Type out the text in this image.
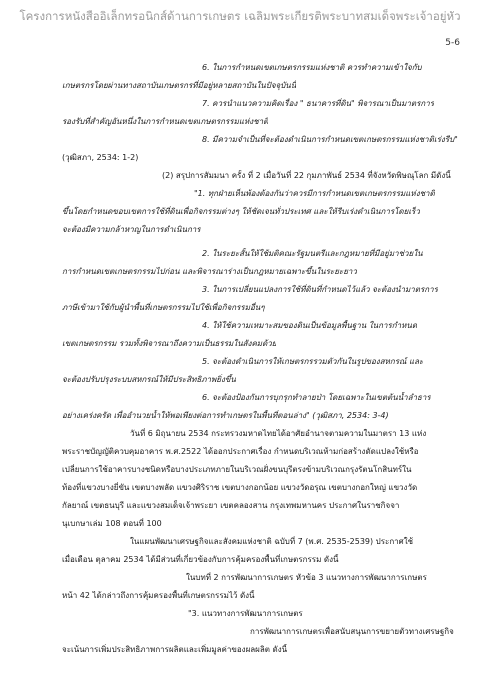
โครงการหนังสืออิเล็กทรอนิกส์ด้านการเกษตร เฉลิมพระเกียรติพระบาทสมเด็จพระเจ้าอยู่หัว
5-6
6. ในการกำหนดเขตเกษตรกรรมแห่งชาติ ควรทำความเข้าใจกับ
เกษตรกรโดยผ่านทางสถาบันเกษตรกรที่มีอยู่หลายสถาบันในปัจจุบันนี้
7. ควรนำแนวความคิดเรื่อง " ธนาคารที่ดิน" พิจารณาเป็นมาตรการ
รองรับที่สำคัญอันหนึ่งในการกำหนดเขตเกษตรกรรมแห่งชาติ
8. มีความจำเป็นที่จะต้องดำเนินการกำหนดเขตเกษตรกรรมแห่งชาติเร่งรีบ"
(วุฒิสภา, 2534: 1-2)
(2) สรุปการสัมมนา ครั้ง ที่ 2 เมื่อวันที่ 22 กุมภาพันธ์ 2534 ที่จังหวัดพิษณุโลก มีดังนี้
"1. ทุกฝ่ายเห็นพ้องต้องกันว่าควรมีการกำหนดเขตเกษตรกรรมแห่งชาติ
ขึ้นโดยกำหนดขอบเขตการใช้ที่ดินเพื่อกิจกรรมต่างๆ ให้ชัดเจนทั่วประเทศ และให้รีบเร่งดำเนินการโดยเร็ว
จะต้องมีความกล้าหาญในการดำเนินการ
2. ในระยะสั้นให้ใช้มติคณะรัฐมนตรีและกฎหมายที่มีอยู่มาช่วยใน
การกำหนดเขตเกษตรกรรมไปก่อน และพิจารณาร่างเป็นกฎหมายเฉพาะขึ้นในระยะยาว
3. ในการเปลี่ยนแปลงการใช้ที่ดินที่กำหนดไว้แล้ว จะต้องนำมาตรการ
ภาษีเข้ามาใช้กับผู้นำพื้นที่เกษตรกรรมไปใช้เพื่อกิจกรรมอื่นๆ
4. ให้ใช้ความเหมาะสมของดินเป็นข้อมูลพื้นฐาน ในการกำหนด
เขตเกษตรกรรม รวมทั้งพิจารณาถึงความเป็นธรรมในสังคมด้วย
5. จะต้องดำเนินการให้เกษตรกรรวมตัวกันในรูปของสหกรณ์ และ
จะต้องปรับปรุงระบบสหกรณ์ให้มีประสิทธิภาพยิ่งขึ้น
6. จะต้องป้องกันการบุกรุกทำลายป่า โดยเฉพาะในเขตต้นน้ำลำธาร
อย่างเคร่งครัด เพื่ออำนวยน้ำให้พอเพียงต่อการทำเกษตรในพื้นที่ตอนล่าง" (วุฒิสภา, 2534: 3-4)
วันที่ 6 มิถุนายน 2534 กระทรวงมหาดไทยได้อาศัยอำนาจตามความในมาตรา 13 แห่ง
พระราชบัญญัติควบคุมอาคาร พ.ศ.2522 ได้ออกประกาศเรื่อง กำหนดบริเวณห้ามก่อสร้างดัดแปลงใช้หรือ
เปลี่ยนการใช้อาคารบางชนิดหรือบางประเภทภายในบริเวณฝั่งขนบุรีตรงข้ามบริเวณกรุงรัตนโกสินทร์ใน
ท้องที่แขวงบางยี่ขัน เขตบางพลัด แขวงศิริราช เขตบางกอกน้อย แขวงวัดอรุณ เขตบางกอกใหญ่ แขวงวัด
กัลยาณ์ เขตธนบุรี และแขวงสมเด็จเจ้าพระยา เขตคลองสาน กรุงเทพมหานคร ประกาศในราชกิจจา
นุเบกษาเล่ม 108 ตอนที่ 100
ในแผนพัฒนาเศรษฐกิจและสังคมแห่งชาติ ฉบับที่ 7 (พ.ศ. 2535-2539) ประกาศใช้
เมื่อเดือน ตุลาคม 2534 ได้มีส่วนที่เกี่ยวข้องกับการคุ้มครองพื้นที่เกษตรกรรม ดังนี้
ในบทที่ 2 การพัฒนาการเกษตร หัวข้อ 3 แนวทางการพัฒนาการเกษตร
หน้า 42 ได้กล่าวถึงการคุ้มครองพื้นที่เกษตรกรรมไว้ ดังนี้
"3. แนวทางการพัฒนาการเกษตร
การพัฒนาการเกษตรเพื่อสนับสนุนการขยายตัวทางเศรษฐกิจ
จะเน้นการเพิ่มประสิทธิภาพการผลิตและเพิ่มมูลค่าของผลผลิต ดังนี้
